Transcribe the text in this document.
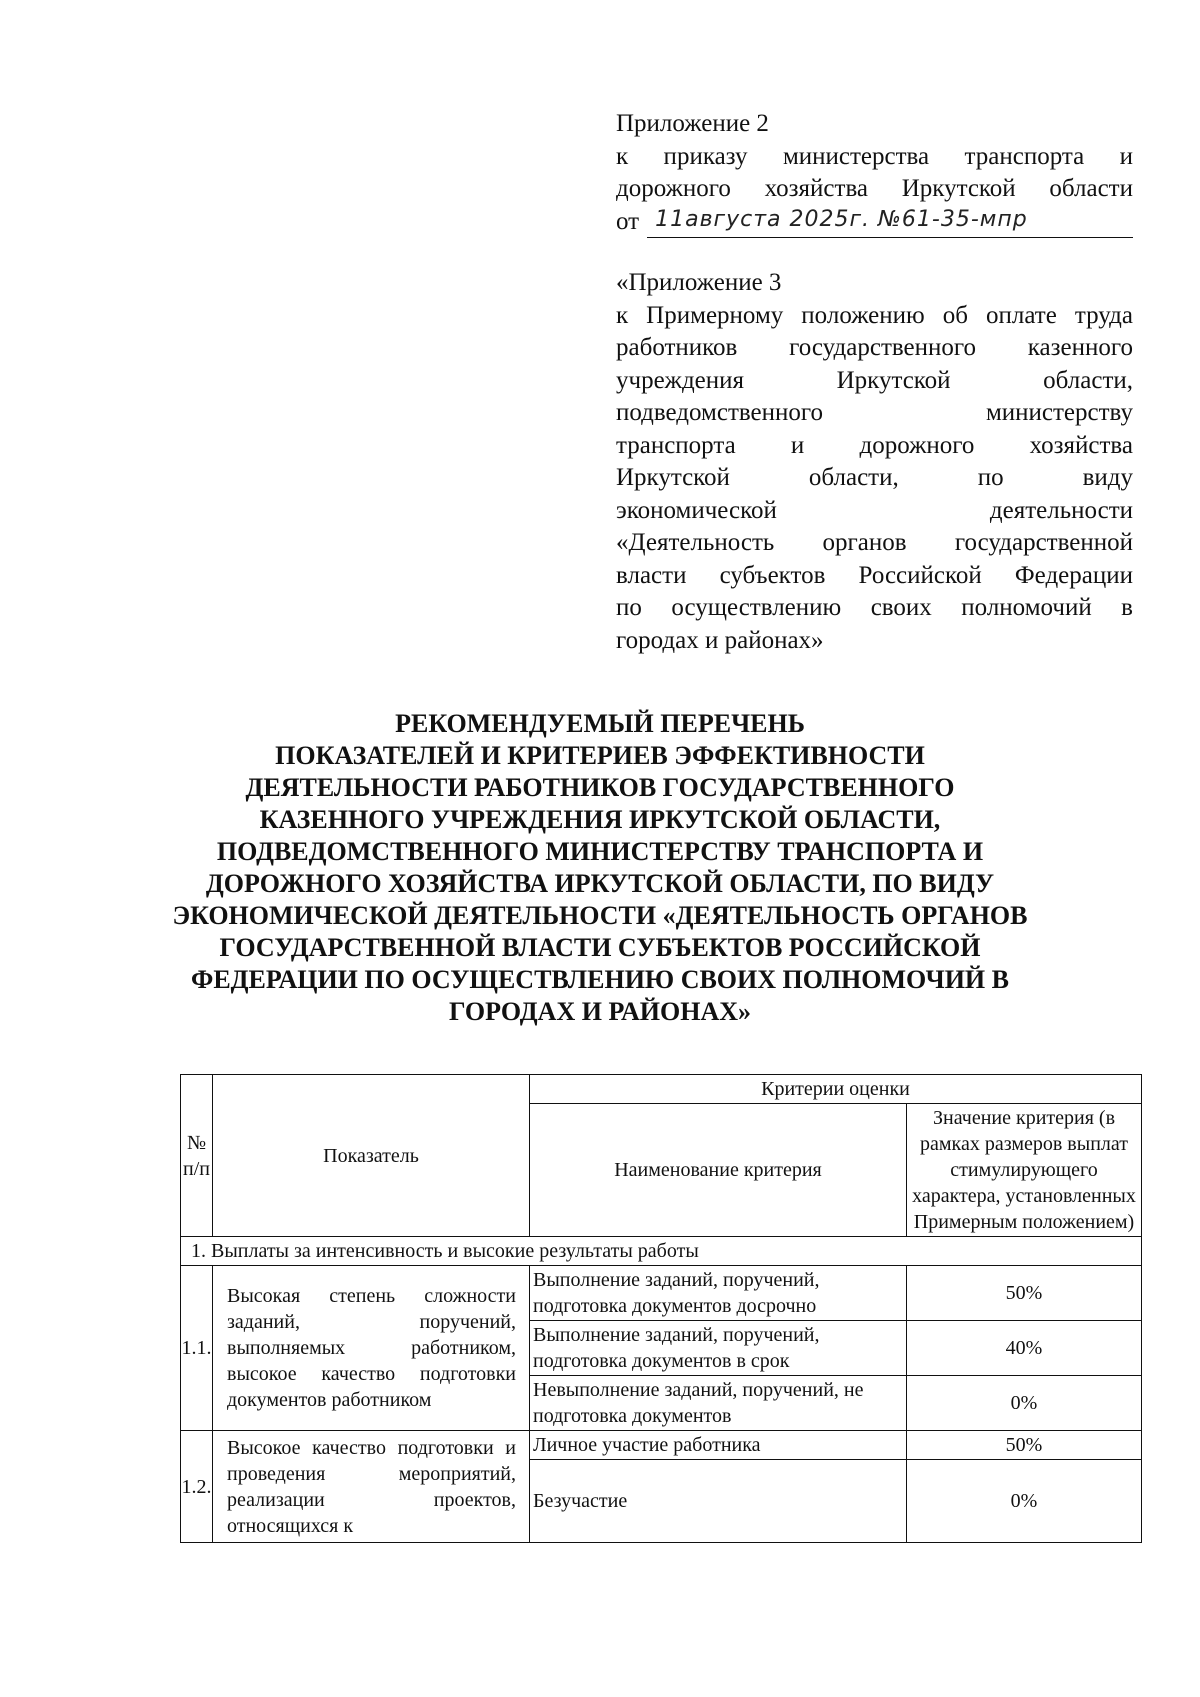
Приложение 2

к приказу министерства транспорта и

дорожного хозяйства Иркутской области

от 11августа 2025г. №61-35-мпр

«Приложение 3

к Примерному положению об оплате труда

работников государственного казенного

учреждения Иркутской области,

подведомственного министерству

транспорта и дорожного хозяйства

Иркутской области, по виду

экономической деятельности

«Деятельность органов государственной

власти субъектов Российской Федерации

по осуществлению своих полномочий в

городах и районах»

РЕКОМЕНДУЕМЫЙ ПЕРЕЧЕНЬ

ПОКАЗАТЕЛЕЙ И КРИТЕРИЕВ ЭФФЕКТИВНОСТИ

ДЕЯТЕЛЬНОСТИ РАБОТНИКОВ ГОСУДАРСТВЕННОГО

КАЗЕННОГО УЧРЕЖДЕНИЯ ИРКУТСКОЙ ОБЛАСТИ,

ПОДВЕДОМСТВЕННОГО МИНИСТЕРСТВУ ТРАНСПОРТА И

ДОРОЖНОГО ХОЗЯЙСТВА ИРКУТСКОЙ ОБЛАСТИ, ПО ВИДУ

ЭКОНОМИЧЕСКОЙ ДЕЯТЕЛЬНОСТИ «ДЕЯТЕЛЬНОСТЬ ОРГАНОВ

ГОСУДАРСТВЕННОЙ ВЛАСТИ СУБЪЕКТОВ РОССИЙСКОЙ

ФЕДЕРАЦИИ ПО ОСУЩЕСТВЛЕНИЮ СВОИХ ПОЛНОМОЧИЙ В

ГОРОДАХ И РАЙОНАХ»

№ п/п	Показатель	Критерии оценки	
		Наименование критерия	Значение критерия (в рамках размеров выплат стимулирующего характера, установленных Примерным положением)
1. Выплаты за интенсивность и высокие результаты работы			
1.1.	Высокая степень сложности заданий, поручений, выполняемых работником, высокое качество подготовки документов работником	Выполнение заданий, поручений, подготовка документов досрочно	50%
		Выполнение заданий, поручений, подготовка документов в срок	40%
		Невыполнение заданий, поручений, не подготовка документов	0%
1.2.	Высокое качество подготовки и проведения мероприятий, реализации проектов, относящихся к	Личное участие работника	50%
		Безучастие	0%
